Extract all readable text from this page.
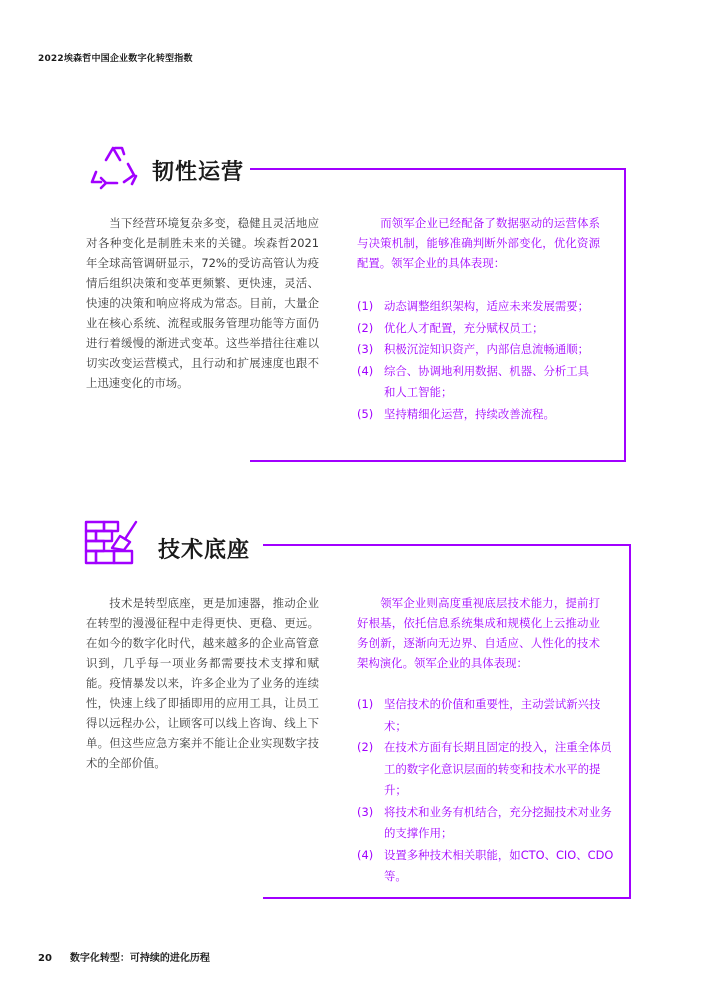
2022埃森哲中国企业数字化转型指数
韧性运营
当下经营环境复杂多变，稳健且灵活地应对各种变化是制胜未来的关键。埃森哲2021年全球高管调研显示，72%的受访高管认为疫情后组织决策和变革更频繁、更快速，灵活、快速的决策和响应将成为常态。目前，大量企业在核心系统、流程或服务管理功能等方面仍进行着缓慢的渐进式变革。这些举措往往难以切实改变运营模式，且行动和扩展速度也跟不上迅速变化的市场。
而领军企业已经配备了数据驱动的运营体系与决策机制，能够准确判断外部变化，优化资源配置。领军企业的具体表现：
(1) 动态调整组织架构，适应未来发展需要；
(2) 优化人才配置，充分赋权员工；
(3) 积极沉淀知识资产，内部信息流畅通顺；
(4) 综合、协调地利用数据、机器、分析工具和人工智能；
(5) 坚持精细化运营，持续改善流程。
技术底座
技术是转型底座，更是加速器，推动企业在转型的漫漫征程中走得更快、更稳、更远。在如今的数字化时代，越来越多的企业高管意识到，几乎每一项业务都需要技术支撑和赋能。疫情暴发以来，许多企业为了业务的连续性，快速上线了即插即用的应用工具，让员工得以远程办公，让顾客可以线上咨询、线上下单。但这些应急方案并不能让企业实现数字技术的全部价值。
领军企业则高度重视底层技术能力，提前打好根基，依托信息系统集成和规模化上云推动业务创新，逐渐向无边界、自适应、人性化的技术架构演化。领军企业的具体表现：
(1) 坚信技术的价值和重要性，主动尝试新兴技术；
(2) 在技术方面有长期且固定的投入，注重全体员工的数字化意识层面的转变和技术水平的提升；
(3) 将技术和业务有机结合，充分挖掘技术对业务的支撑作用；
(4) 设置多种技术相关职能，如CTO、CIO、CDO等。
20 数字化转型：可持续的进化历程
